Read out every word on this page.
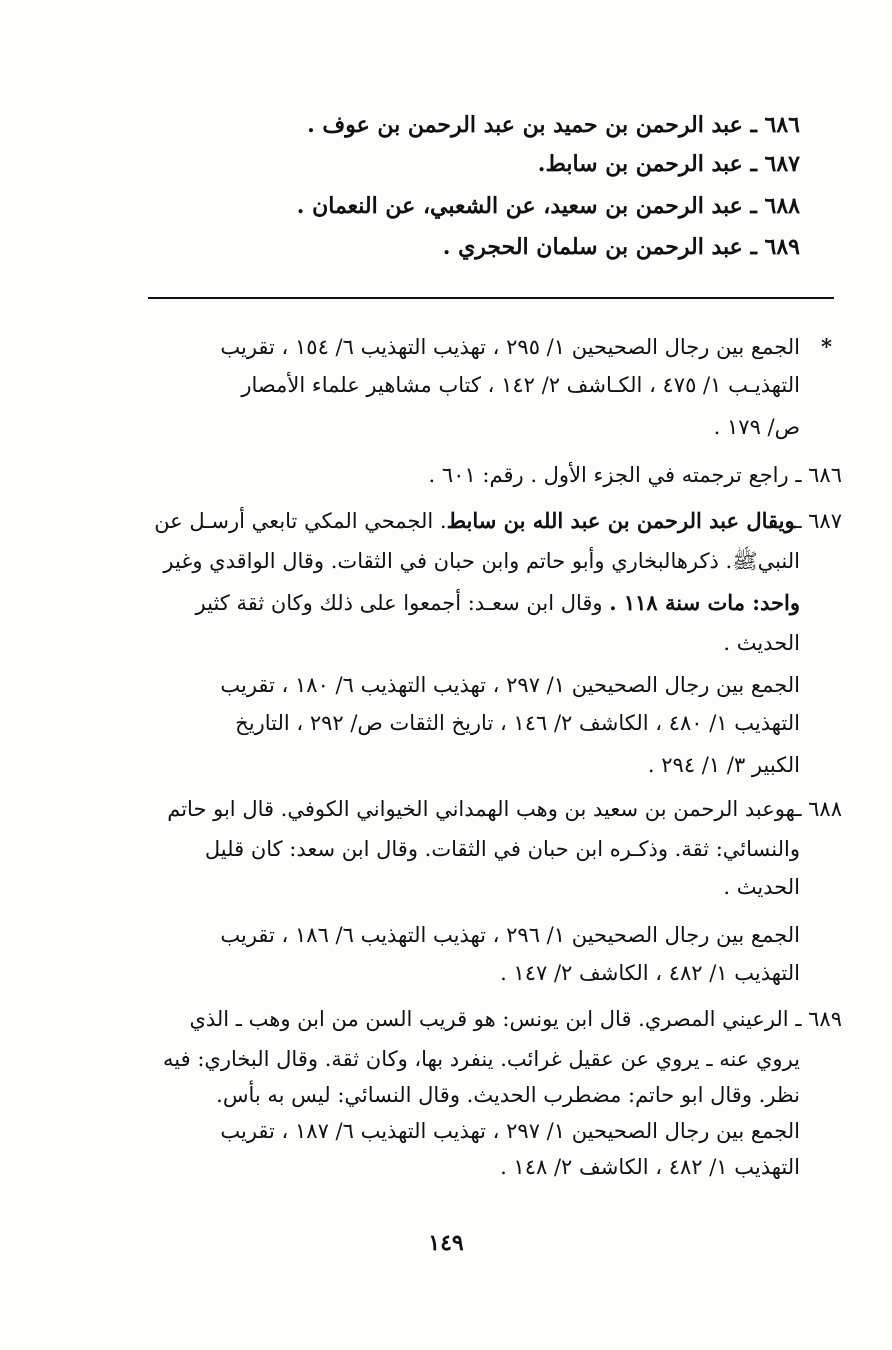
٦٨٦ ـ عبد الرحمن بن حميد بن عبد الرحمن بن عوف .
٦٨٧ ـ عبد الرحمن بن سابط.
٦٨٨ ـ عبد الرحمن بن سعيد، عن الشعبي، عن النعمان .
٦٨٩ ـ عبد الرحمن بن سلمان الحجري .
*
الجمع بين رجال الصحيحين ١/ ٢٩٥ ، تهذيب التهذيب ٦/ ١٥٤ ، تقريب
التهذيـب ١/ ٤٧٥ ، الكـاشف ٢/ ١٤٢ ، كتاب مشاهير علماء الأمصار
ص/ ١٧٩ .
٦٨٦ ـ راجع ترجمته في الجزء الأول . رقم: ٦٠١ .
٦٨٧ ـويقال عبد الرحمن بن عبد الله بن سابط. الجمحي المكي تابعي أرسـل عن
النبيﷺ. ذكرهالبخاري وأبو حاتم وابن حبان في الثقات. وقال الواقدي وغير
واحد: مات سنة ١١٨ . وقال ابن سعـد: أجمعوا على ذلك وكان ثقة كثير
الحديث .
الجمع بين رجال الصحيحين ١/ ٢٩٧ ، تهذيب التهذيب ٦/ ١٨٠ ، تقريب
التهذيب ١/ ٤٨٠ ، الكاشف ٢/ ١٤٦ ، تاريخ الثقات ص/ ٢٩٢ ، التاريخ
الكبير ٣/ ١/ ٢٩٤ .
٦٨٨ ـهوعبد الرحمن بن سعيد بن وهب الهمداني الخيواني الكوفي. قال ابو حاتم
والنسائي: ثقة. وذكـره ابن حبان في الثقات. وقال ابن سعد: كان قليل
الحديث .
الجمع بين رجال الصحيحين ١/ ٢٩٦ ، تهذيب التهذيب ٦/ ١٨٦ ، تقريب
التهذيب ١/ ٤٨٢ ، الكاشف ٢/ ١٤٧ .
٦٨٩ ـ الرعيني المصري. قال ابن يونس: هو قريب السن من ابن وهب ـ الذي
يروي عنه ـ يروي عن عقيل غرائب. ينفرد بها، وكان ثقة. وقال البخاري: فيه
نظر. وقال ابو حاتم: مضطرب الحديث. وقال النسائي: ليس به بأس.
الجمع بين رجال الصحيحين ١/ ٢٩٧ ، تهذيب التهذيب ٦/ ١٨٧ ، تقريب
التهذيب ١/ ٤٨٢ ، الكاشف ٢/ ١٤٨ .
١٤٩
